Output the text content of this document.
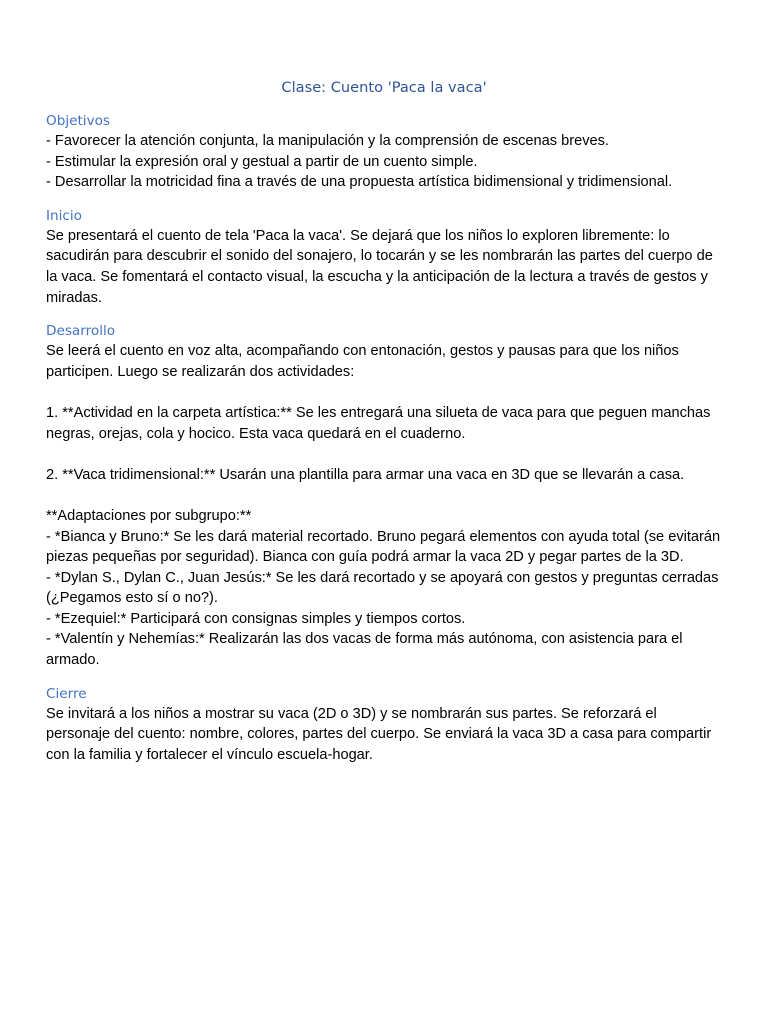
Clase: Cuento 'Paca la vaca'
Objetivos
- Favorecer la atención conjunta, la manipulación y la comprensión de escenas breves.
- Estimular la expresión oral y gestual a partir de un cuento simple.
- Desarrollar la motricidad fina a través de una propuesta artística bidimensional y tridimensional.
Inicio
Se presentará el cuento de tela 'Paca la vaca'. Se dejará que los niños lo exploren libremente: lo sacudirán para descubrir el sonido del sonajero, lo tocarán y se les nombrarán las partes del cuerpo de la vaca. Se fomentará el contacto visual, la escucha y la anticipación de la lectura a través de gestos y miradas.
Desarrollo
Se leerá el cuento en voz alta, acompañando con entonación, gestos y pausas para que los niños participen. Luego se realizarán dos actividades:
1. **Actividad en la carpeta artística:** Se les entregará una silueta de vaca para que peguen manchas negras, orejas, cola y hocico. Esta vaca quedará en el cuaderno.
2. **Vaca tridimensional:** Usarán una plantilla para armar una vaca en 3D que se llevarán a casa.
**Adaptaciones por subgrupo:**
- *Bianca y Bruno:* Se les dará material recortado. Bruno pegará elementos con ayuda total (se evitarán piezas pequeñas por seguridad). Bianca con guía podrá armar la vaca 2D y pegar partes de la 3D.
- *Dylan S., Dylan C., Juan Jesús:* Se les dará recortado y se apoyará con gestos y preguntas cerradas (¿Pegamos esto sí o no?).
- *Ezequiel:* Participará con consignas simples y tiempos cortos.
- *Valentín y Nehemías:* Realizarán las dos vacas de forma más autónoma, con asistencia para el armado.
Cierre
Se invitará a los niños a mostrar su vaca (2D o 3D) y se nombrarán sus partes. Se reforzará el personaje del cuento: nombre, colores, partes del cuerpo. Se enviará la vaca 3D a casa para compartir con la familia y fortalecer el vínculo escuela-hogar.
